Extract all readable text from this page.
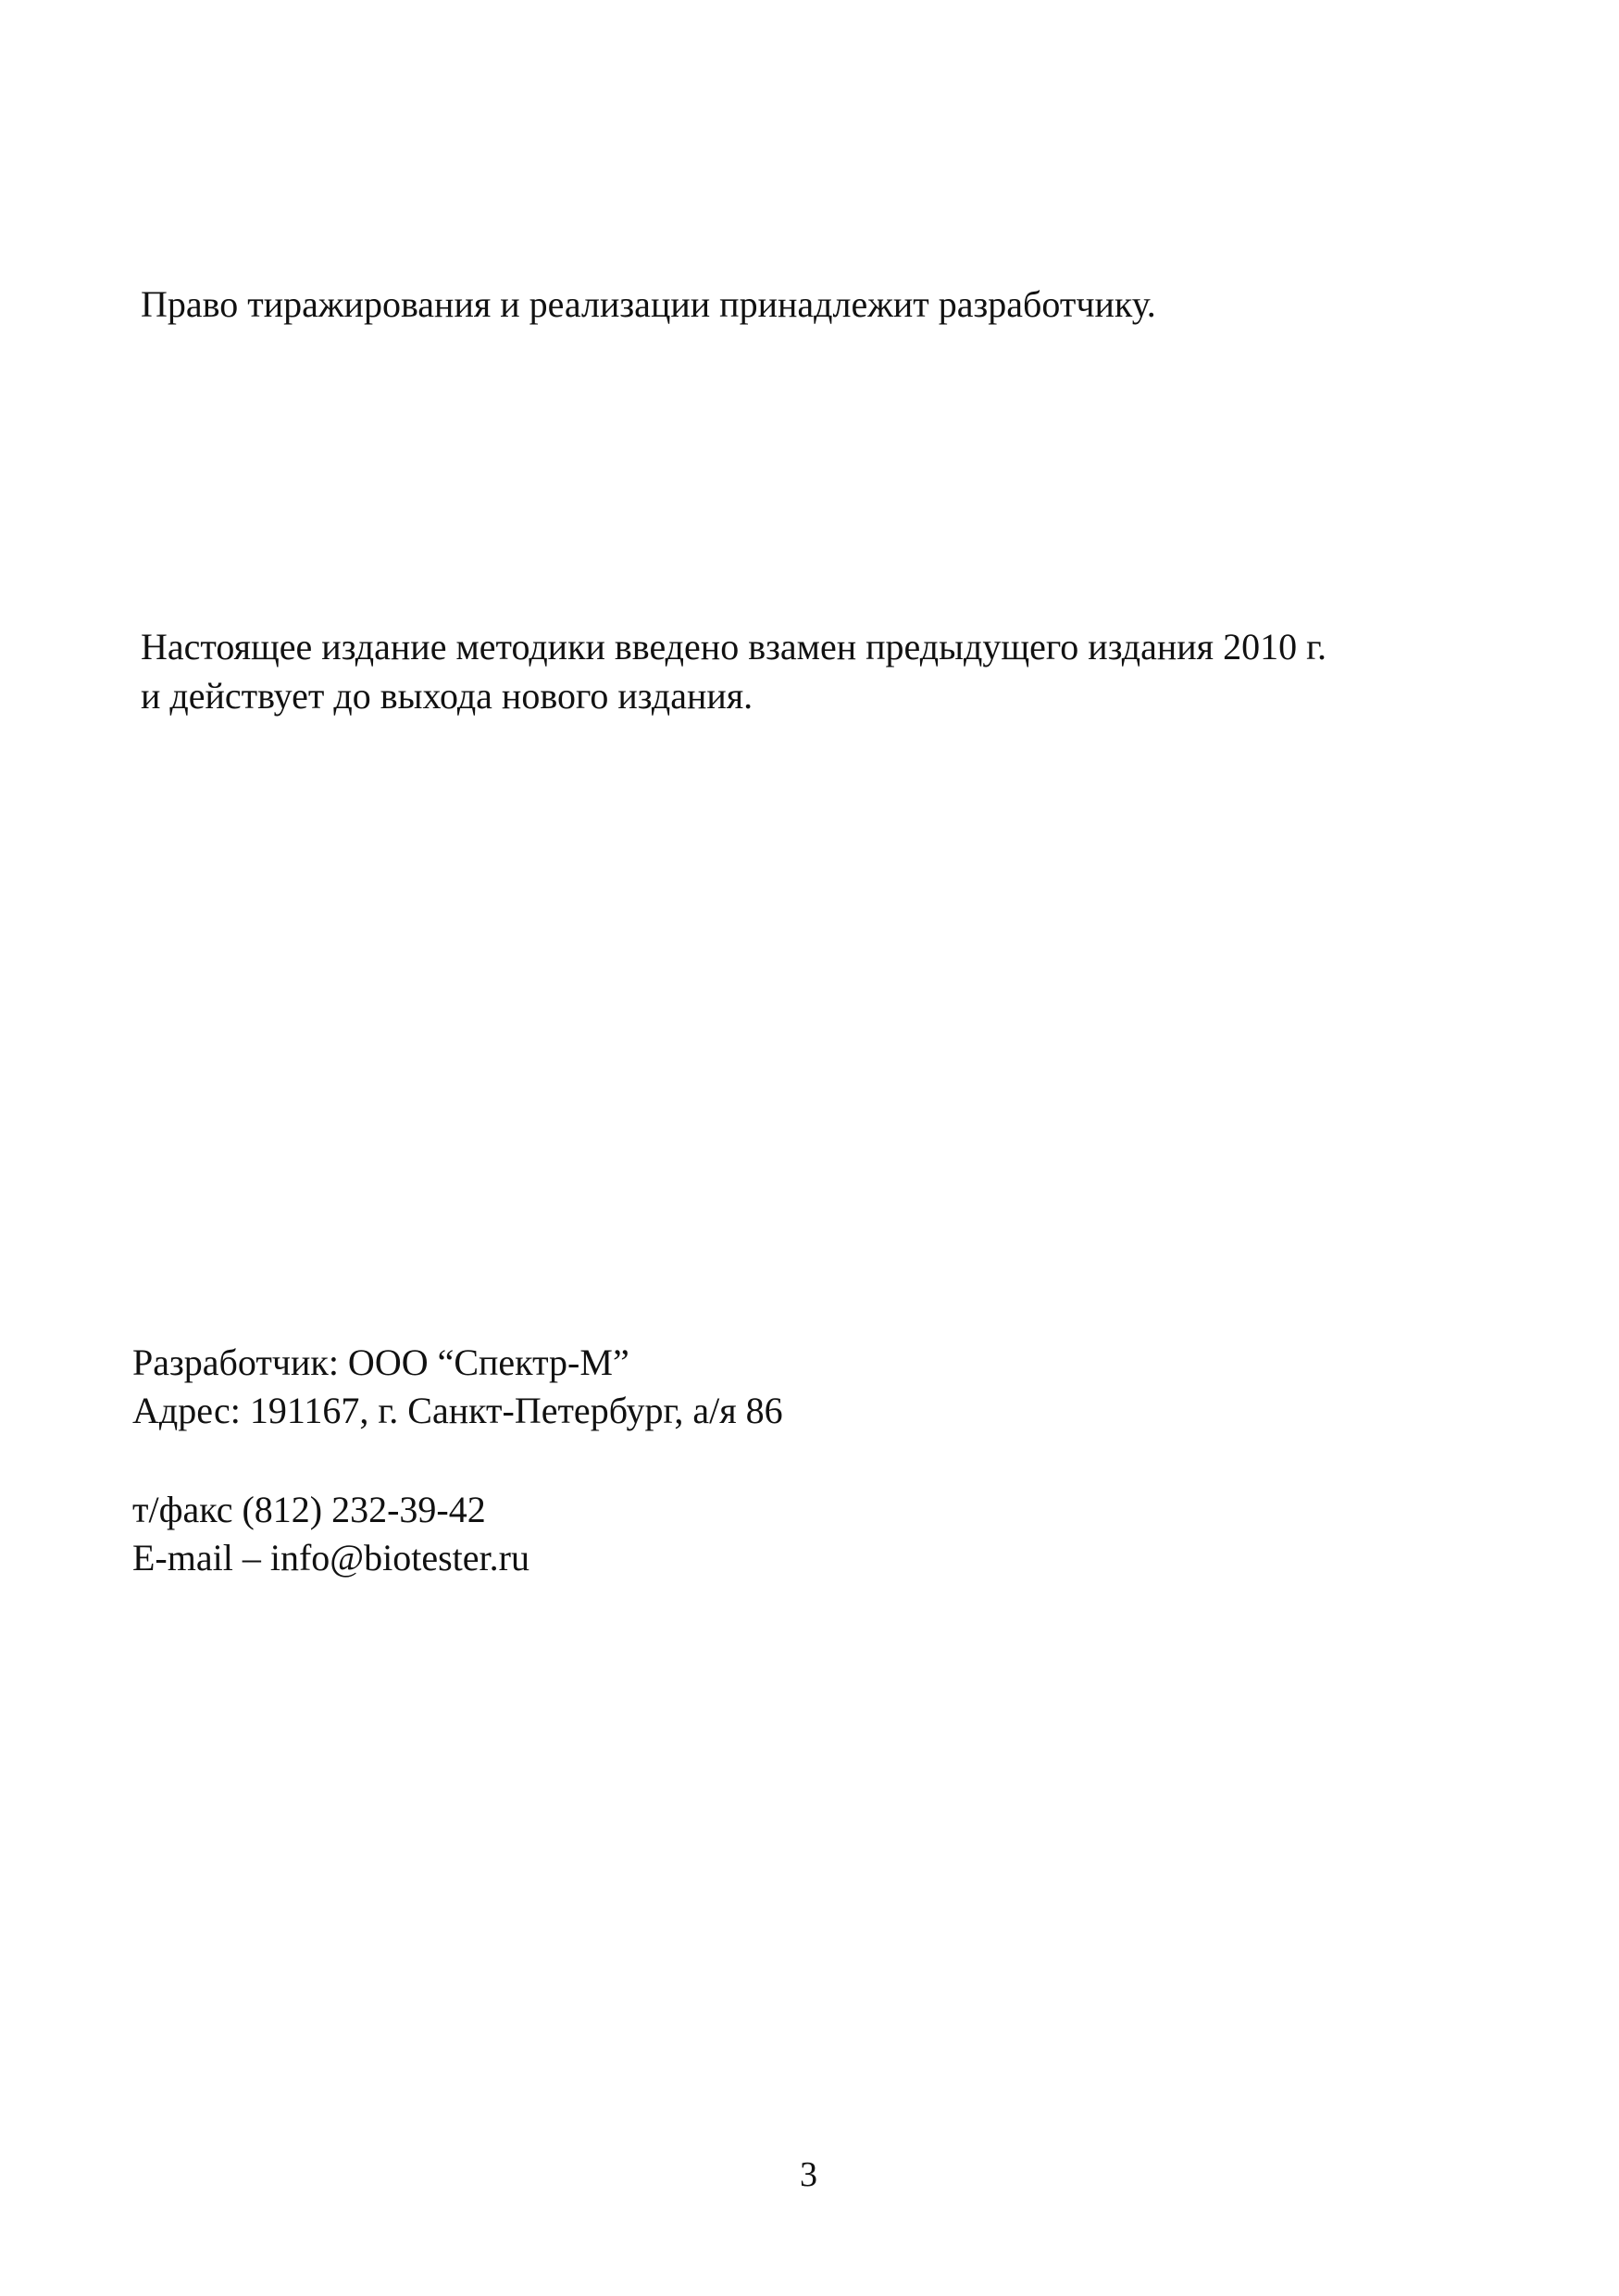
Право тиражирования и реализации принадлежит разработчику.
Настоящее издание методики введено взамен предыдущего издания 2010 г.
и действует до выхода нового издания.
Разработчик: ООО “Спектр-М”
Адрес: 191167, г. Санкт-Петербург, а/я 86
т/факс (812) 232-39-42
E-mail – info@biotester.ru
3
